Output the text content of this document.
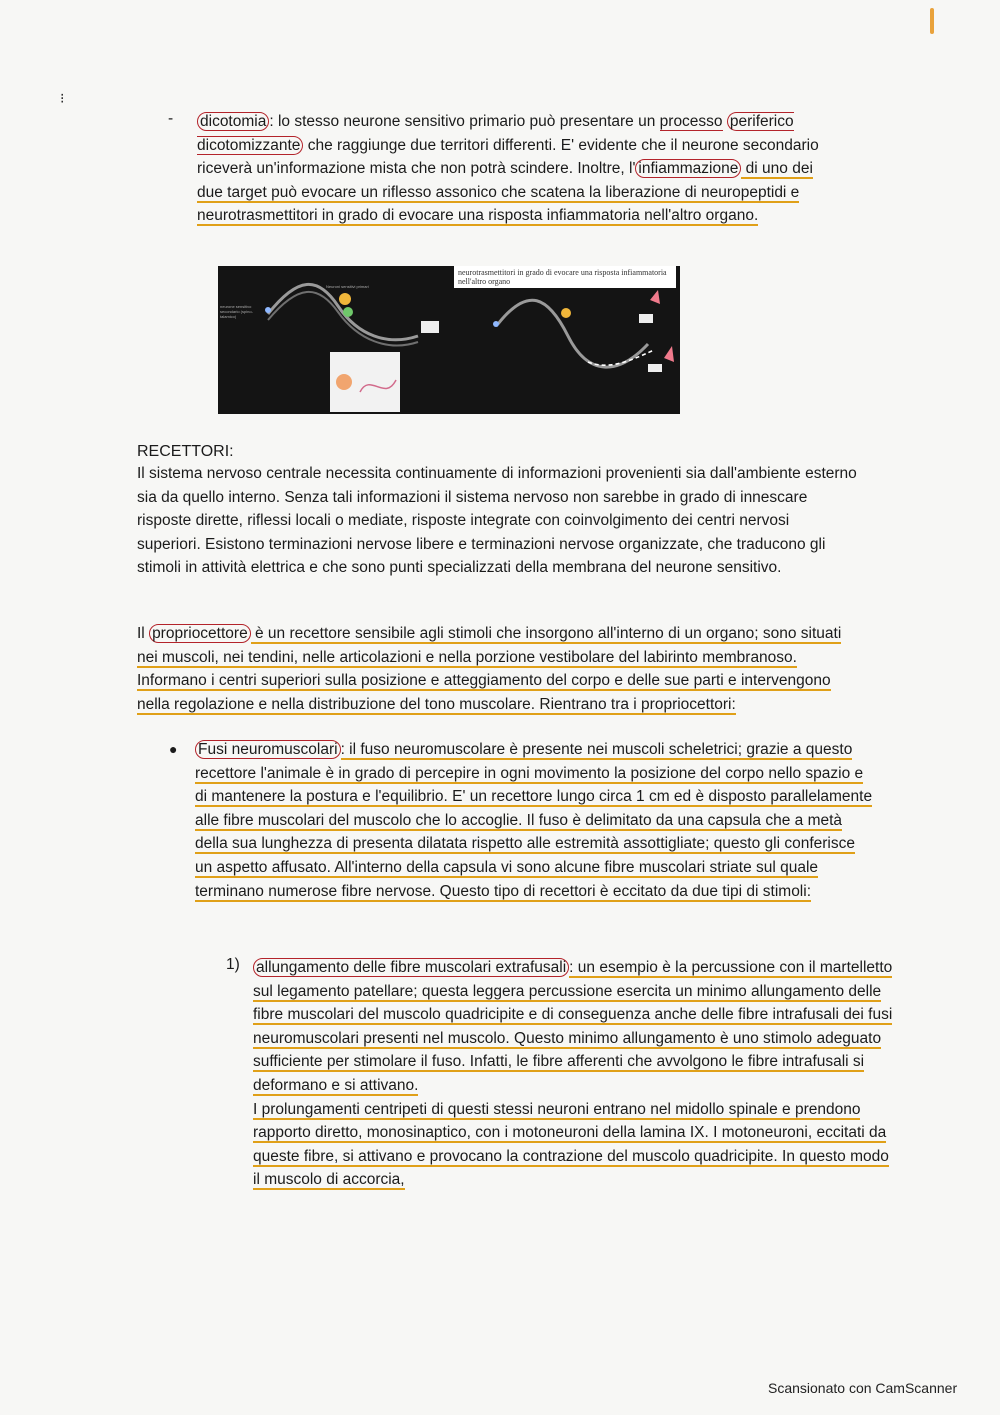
⁝
- dicotomia : lo stesso neurone sensitivo primario può presentare un processo periferico dicotomizzante che raggiunge due territori differenti. E' evidente che il neurone secondario riceverà un'informazione mista che non potrà scindere. Inoltre, l' infiammazione di uno dei due target può evocare un riflesso assonico che scatena la liberazione di neuropeptidi e neurotrasmettitori in grado di evocare una risposta infiammatoria nell'altro organo.
neurotrasmettitori in grado di evocare una risposta infiammatoria nell'altro organo
neurone sensitivo secondario (spino-talamico)
Neuroni sensitivi primari
RECETTORI:
Il sistema nervoso centrale necessita continuamente di informazioni provenienti sia dall'ambiente esterno sia da quello interno. Senza tali informazioni il sistema nervoso non sarebbe in grado di innescare risposte dirette, riflessi locali o mediate, risposte integrate con coinvolgimento dei centri nervosi superiori. Esistono terminazioni nervose libere e terminazioni nervose organizzate, che traducono gli stimoli in attività elettrica e che sono punti specializzati della membrana del neurone sensitivo.
Il propriocettore è un recettore sensibile agli stimoli che insorgono all'interno di un organo; sono situati nei muscoli, nei tendini, nelle articolazioni e nella porzione vestibolare del labirinto membranoso. Informano i centri superiori sulla posizione e atteggiamento del corpo e delle sue parti e intervengono nella regolazione e nella distribuzione del tono muscolare. Rientrano tra i propriocettori:
● Fusi neuromuscolari : il fuso neuromuscolare è presente nei muscoli scheletrici; grazie a questo recettore l'animale è in grado di percepire in ogni movimento la posizione del corpo nello spazio e di mantenere la postura e l'equilibrio. E' un recettore lungo circa 1 cm ed è disposto parallelamente alle fibre muscolari del muscolo che lo accoglie. Il fuso è delimitato da una capsula che a metà della sua lunghezza di presenta dilatata rispetto alle estremità assottigliate; questo gli conferisce un aspetto affusato. All'interno della capsula vi sono alcune fibre muscolari striate sul quale terminano numerose fibre nervose. Questo tipo di recettori è eccitato da due tipi di stimoli:
1) allungamento delle fibre muscolari extrafusali : un esempio è la percussione con il martelletto sul legamento patellare; questa leggera percussione esercita un minimo allungamento delle fibre muscolari del muscolo quadricipite e di conseguenza anche delle fibre intrafusali dei fusi neuromuscolari presenti nel muscolo. Questo minimo allungamento è uno stimolo adeguato sufficiente per stimolare il fuso. Infatti, le fibre afferenti che avvolgono le fibre intrafusali si deformano e si attivano.
I prolungamenti centripeti di questi stessi neuroni entrano nel midollo spinale e prendono rapporto diretto, monosinaptico, con i motoneuroni della lamina IX. I motoneuroni, eccitati da queste fibre, si attivano e provocano la contrazione del muscolo quadricipite. In questo modo il muscolo di accorcia,
Scansionato con CamScanner
